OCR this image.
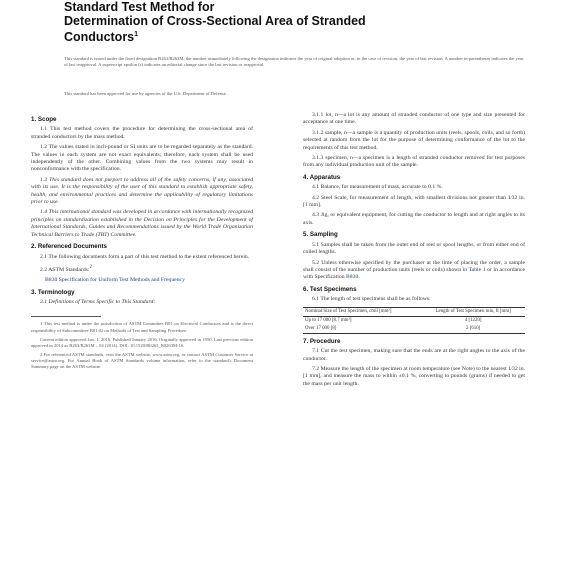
Standard Test Method for
Determination of Cross-Sectional Area of Stranded
Conductors$^1$
This standard is issued under the fixed designation B263/B263M; the number immediately following the designation indicates the year of original adoption or, in the case of revision, the year of last revision. A number in parentheses indicates the year of last reapproval. A superscript epsilon (ε) indicates an editorial change since the last revision or reapproval.
This standard has been approved for use by agencies of the U.S. Department of Defense.
1. Scope

1.1 This test method covers the procedure for determining the cross-sectional area of stranded conductors by the mass method.

1.2 The values stated in inch-pound or SI units are to be regarded separately as the standard. The values in each system are not exact equivalents; therefore, each system shall be used independently of the other. Combining values from the two systems may result in nonconformance with the specification.

1.3 This standard does not purport to address all of the safety concerns, if any, associated with its use. It is the responsibility of the user of this standard to establish appropriate safety, health, and environmental practices and determine the applicability of regulatory limitations prior to use.

1.4 This international standard was developed in accordance with internationally recognized principles on standardization established in the Decision on Principles for the Development of International Standards, Guides and Recommendations issued by the World Trade Organization Technical Barriers to Trade (TBT) Committee.

2. Referenced Documents

2.1 The following documents form a part of this test method to the extent referenced herein.

2.2 ASTM Standards:$^2$
B830 Specification for Uniform Test Methods and Frequency
3. Terminology

3.1 Definitions of Terms Specific to This Standard:

1 This test method is under the jurisdiction of ASTM Committee B01 on Electrical Conductors and is the direct responsibility of Subcommittee B01.02 on Methods of Test and Sampling Procedure.

Current edition approved Jan. 1, 2016. Published January 2016. Originally approved in 1950. Last previous edition approved in 2014 as B263/B263M – 04 (2014). DOI: 10.1520/B0263_B0263M-16.

2 For referenced ASTM standards, visit the ASTM website, www.astm.org, or contact ASTM Customer Service at service@astm.org. For Annual Book of ASTM Standards volume information, refer to the standard's Document Summary page on the ASTM website.

3.1.1 lot, n—a lot is any amount of stranded conductor of one type and size presented for acceptance at one time.

3.1.2 sample, n—a sample is a quantity of production units (reels, spools, coils, and so forth) selected at random from the lot for the purpose of determining conformance of the lot to the requirements of this test method.

3.1.3 specimen, n—a specimen is a length of stranded conductor removed for test purposes from any individual production unit of the sample.

4. Apparatus

4.1 Balance, for measurement of mass, accurate to 0.1 %.

4.2 Steel Scale, for measurement of length, with smallest divisions not greater than 1⁄32 in. [1 mm].

4.3 Jig, or equivalent equipment, for cutting the conductor to length and at right angles to its axis.

5. Sampling

5.1 Samples shall be taken from the outer end of reel or spool lengths, or from either end of coiled lengths.

5.2 Unless otherwise specified by the purchaser at the time of placing the order, a sample shall consist of the number of production units (reels or coils) shown in Table 1 or in accordance with Specification B830.

6. Test Specimens

6.1 The length of test specimens shall be as follows:

Nominal Size of Test Specimen, cmil [mm²]	Length of Test Specimen min, ft [mm]
Up to 17 000 [8.7 mm²]	4 [1220]
Over 17 000 [8]	2 [610]
7. Procedure

7.1 Cut the test specimen, making sure that the ends are at the right angles to the axis of the conductor.

7.2 Measure the length of the specimen at room temperature (see Note) to the nearest 1⁄32 in. [1 mm], and measure the mass to within ±0.1 %, converting to pounds (grams) if needed to get the mass per unit length.
